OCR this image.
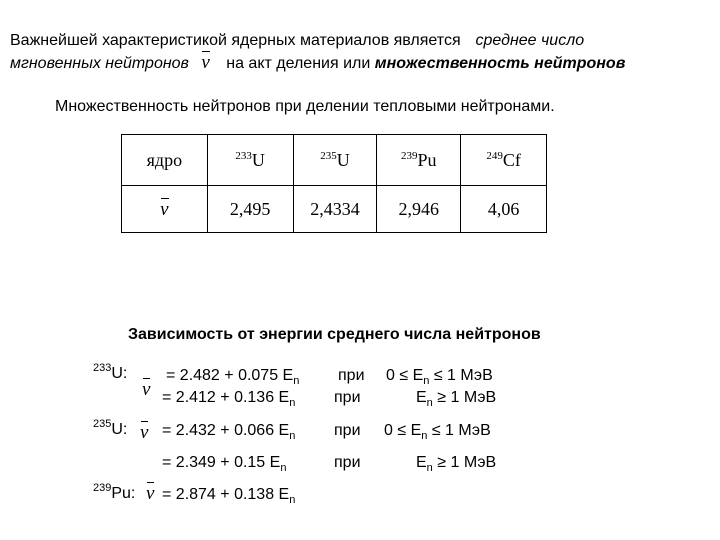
Важнейшей характеристикой ядерных материалов является среднее число
мгновенных нейтронов ν на акт деления или множественность нейтронов
Множественность нейтронов при делении тепловыми нейтронами.
ядро	$^{233}$U	$^{235}$U	$^{239}$Pu	$^{249}$Cf
ν	2,495	2,4334	2,946	4,06
Зависимость от энергии среднего числа нейтронов
$^{233}$U:
ν
= 2.482 + 0.075 $E_n$ при $0 \le E_n \le 1$ МэВ
= 2.412 + 0.136 $E_n$ при	$E_n \ge 1$ МэВ
$^{235}$U: ν = 2.432 + 0.066 $E_n$ при $0 \le E_n \le 1$ МэВ
= 2.349 + 0.15 $E_n$	при	$E_n \ge 1$ МэВ
$^{239}$Pu: ν = 2.874 + 0.138 $E_n$
